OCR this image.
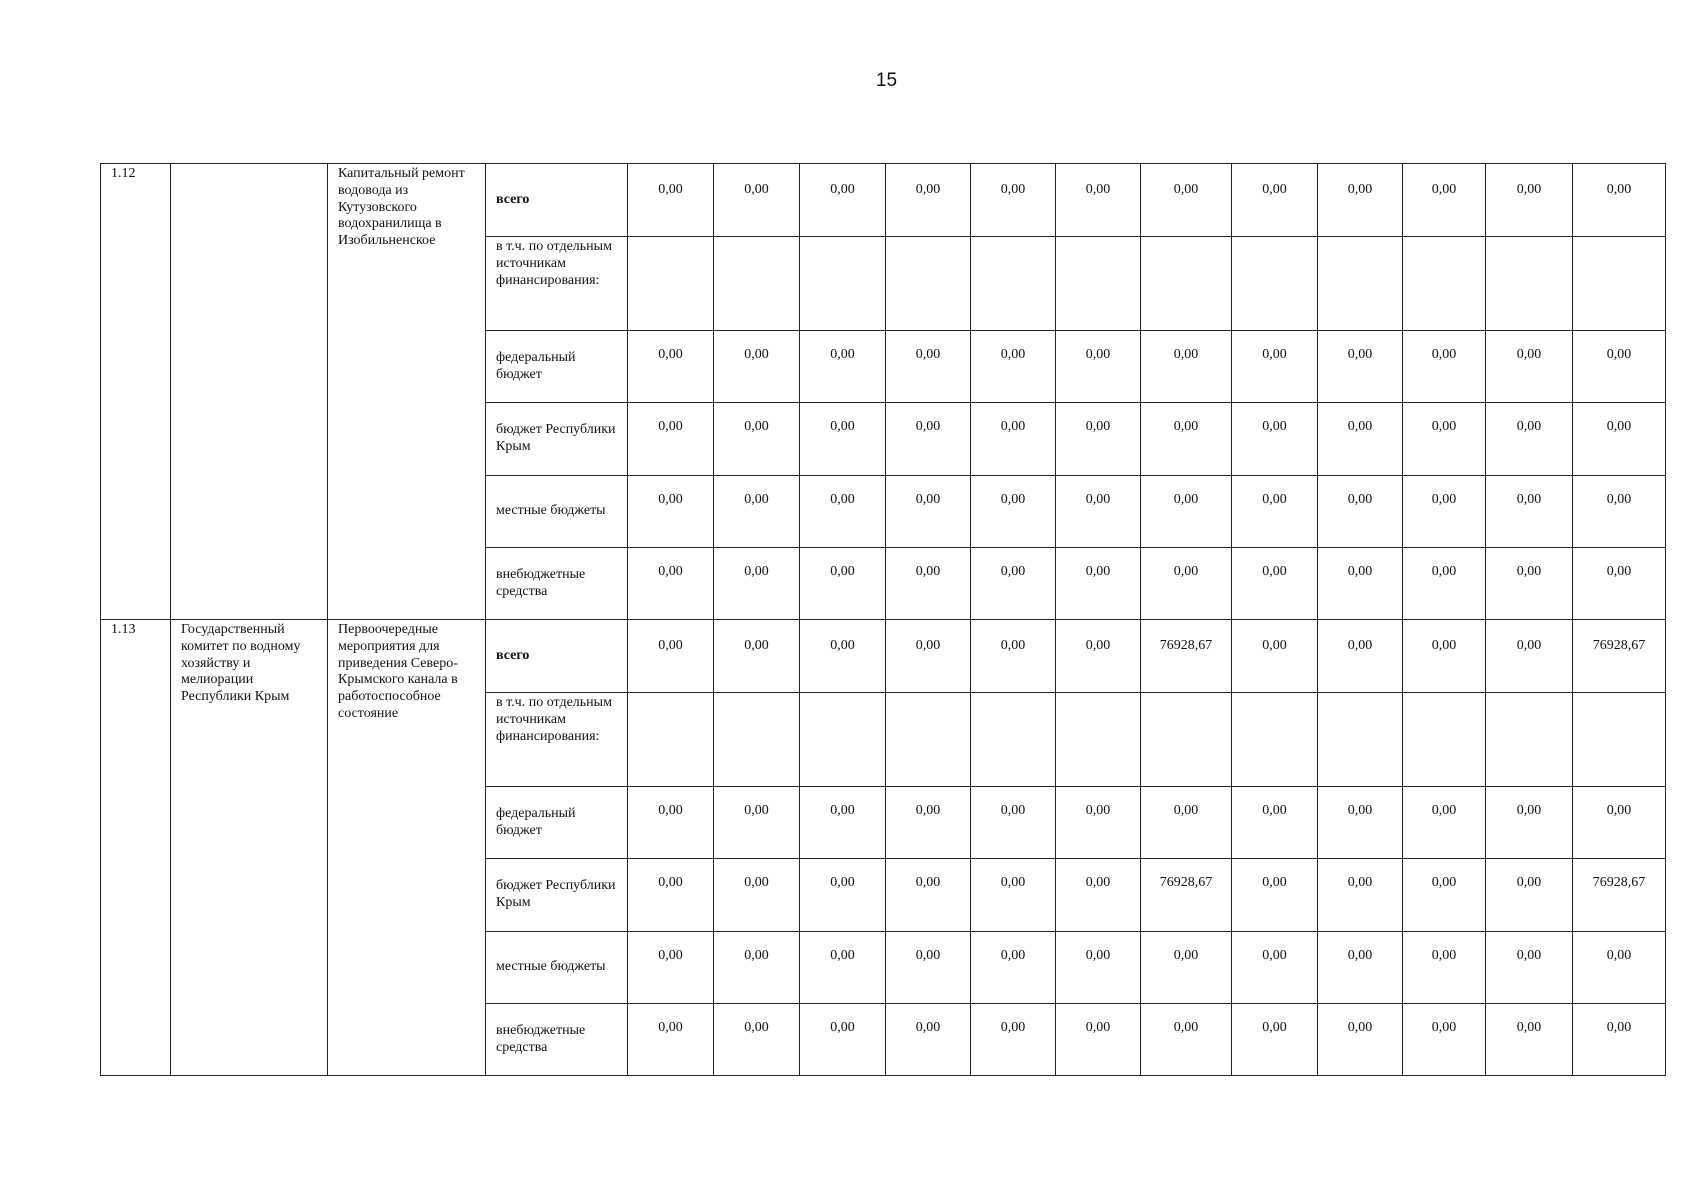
15
1.12		Капитальный ремонт водовода из Кутузовского водохранилища в Изобильненское	всего	0,00	0,00	0,00	0,00	0,00	0,00	0,00	0,00	0,00	0,00	0,00	0,00
			в т.ч. по отдельным источникам финансирования:												
			федеральный бюджет	0,00	0,00	0,00	0,00	0,00	0,00	0,00	0,00	0,00	0,00	0,00	0,00
			бюджет Республики Крым	0,00	0,00	0,00	0,00	0,00	0,00	0,00	0,00	0,00	0,00	0,00	0,00
			местные бюджеты	0,00	0,00	0,00	0,00	0,00	0,00	0,00	0,00	0,00	0,00	0,00	0,00
			внебюджетные средства	0,00	0,00	0,00	0,00	0,00	0,00	0,00	0,00	0,00	0,00	0,00	0,00
1.13	Государственный комитет по водному хозяйству и мелиорации Республики Крым	Первоочередные мероприятия для приведения Северо-Крымского канала в работоспособное состояние	всего	0,00	0,00	0,00	0,00	0,00	0,00	76928,67	0,00	0,00	0,00	0,00	76928,67
			в т.ч. по отдельным источникам финансирования:												
			федеральный бюджет	0,00	0,00	0,00	0,00	0,00	0,00	0,00	0,00	0,00	0,00	0,00	0,00
			бюджет Республики Крым	0,00	0,00	0,00	0,00	0,00	0,00	76928,67	0,00	0,00	0,00	0,00	76928,67
			местные бюджеты	0,00	0,00	0,00	0,00	0,00	0,00	0,00	0,00	0,00	0,00	0,00	0,00
			внебюджетные средства	0,00	0,00	0,00	0,00	0,00	0,00	0,00	0,00	0,00	0,00	0,00	0,00
